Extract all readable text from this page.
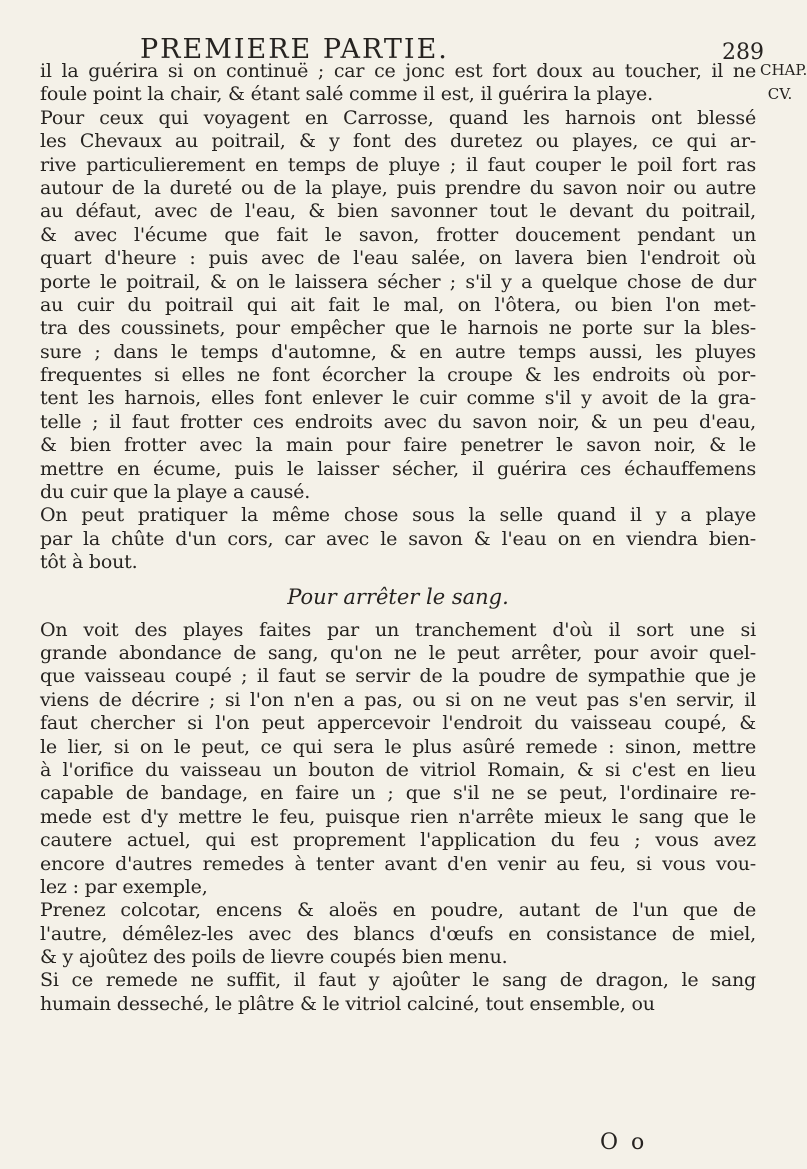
PREMIERE PARTIE.	289
CHAP.
CV.
il la guérira si on continuë ; car ce jonc est fort doux au toucher, il ne
foule point la chair, & étant salé comme il est, il guérira la playe.
Pour ceux qui voyagent en Carrosse, quand les harnois ont blessé
les Chevaux au poitrail, & y font des duretez ou playes, ce qui ar-
rive particulierement en temps de pluye ; il faut couper le poil fort ras
autour de la dureté ou de la playe, puis prendre du savon noir ou autre
au défaut, avec de l'eau, & bien savonner tout le devant du poitrail,
& avec l'écume que fait le savon, frotter doucement pendant un
quart d'heure : puis avec de l'eau salée, on lavera bien l'endroit où
porte le poitrail, & on le laissera sécher ; s'il y a quelque chose de dur
au cuir du poitrail qui ait fait le mal, on l'ôtera, ou bien l'on met-
tra des coussinets, pour empêcher que le harnois ne porte sur la bles-
sure ; dans le temps d'automne, & en autre temps aussi, les pluyes
frequentes si elles ne font écorcher la croupe & les endroits où por-
tent les harnois, elles font enlever le cuir comme s'il y avoit de la gra-
telle ; il faut frotter ces endroits avec du savon noir, & un peu d'eau,
& bien frotter avec la main pour faire penetrer le savon noir, & le
mettre en écume, puis le laisser sécher, il guérira ces échauffemens
du cuir que la playe a causé.
On peut pratiquer la même chose sous la selle quand il y a playe
par la chûte d'un cors, car avec le savon & l'eau on en viendra bien-
tôt à bout.
Pour arrêter le sang.
On voit des playes faites par un tranchement d'où il sort une si
grande abondance de sang, qu'on ne le peut arrêter, pour avoir quel-
que vaisseau coupé ; il faut se servir de la poudre de sympathie que je
viens de décrire ; si l'on n'en a pas, ou si on ne veut pas s'en servir, il
faut chercher si l'on peut appercevoir l'endroit du vaisseau coupé, &
le lier, si on le peut, ce qui sera le plus asûré remede : sinon, mettre
à l'orifice du vaisseau un bouton de vitriol Romain, & si c'est en lieu
capable de bandage, en faire un ; que s'il ne se peut, l'ordinaire re-
mede est d'y mettre le feu, puisque rien n'arrête mieux le sang que le
cautere actuel, qui est proprement l'application du feu ; vous avez
encore d'autres remedes à tenter avant d'en venir au feu, si vous vou-
lez : par exemple,
Prenez colcotar, encens & aloës en poudre, autant de l'un que de
l'autre, démêlez-les avec des blancs d'œufs en consistance de miel,
& y ajoûtez des poils de lievre coupés bien menu.
Si ce remede ne suffit, il faut y ajoûter le sang de dragon, le sang
humain desseché, le plâtre & le vitriol calciné, tout ensemble, ou
O o
